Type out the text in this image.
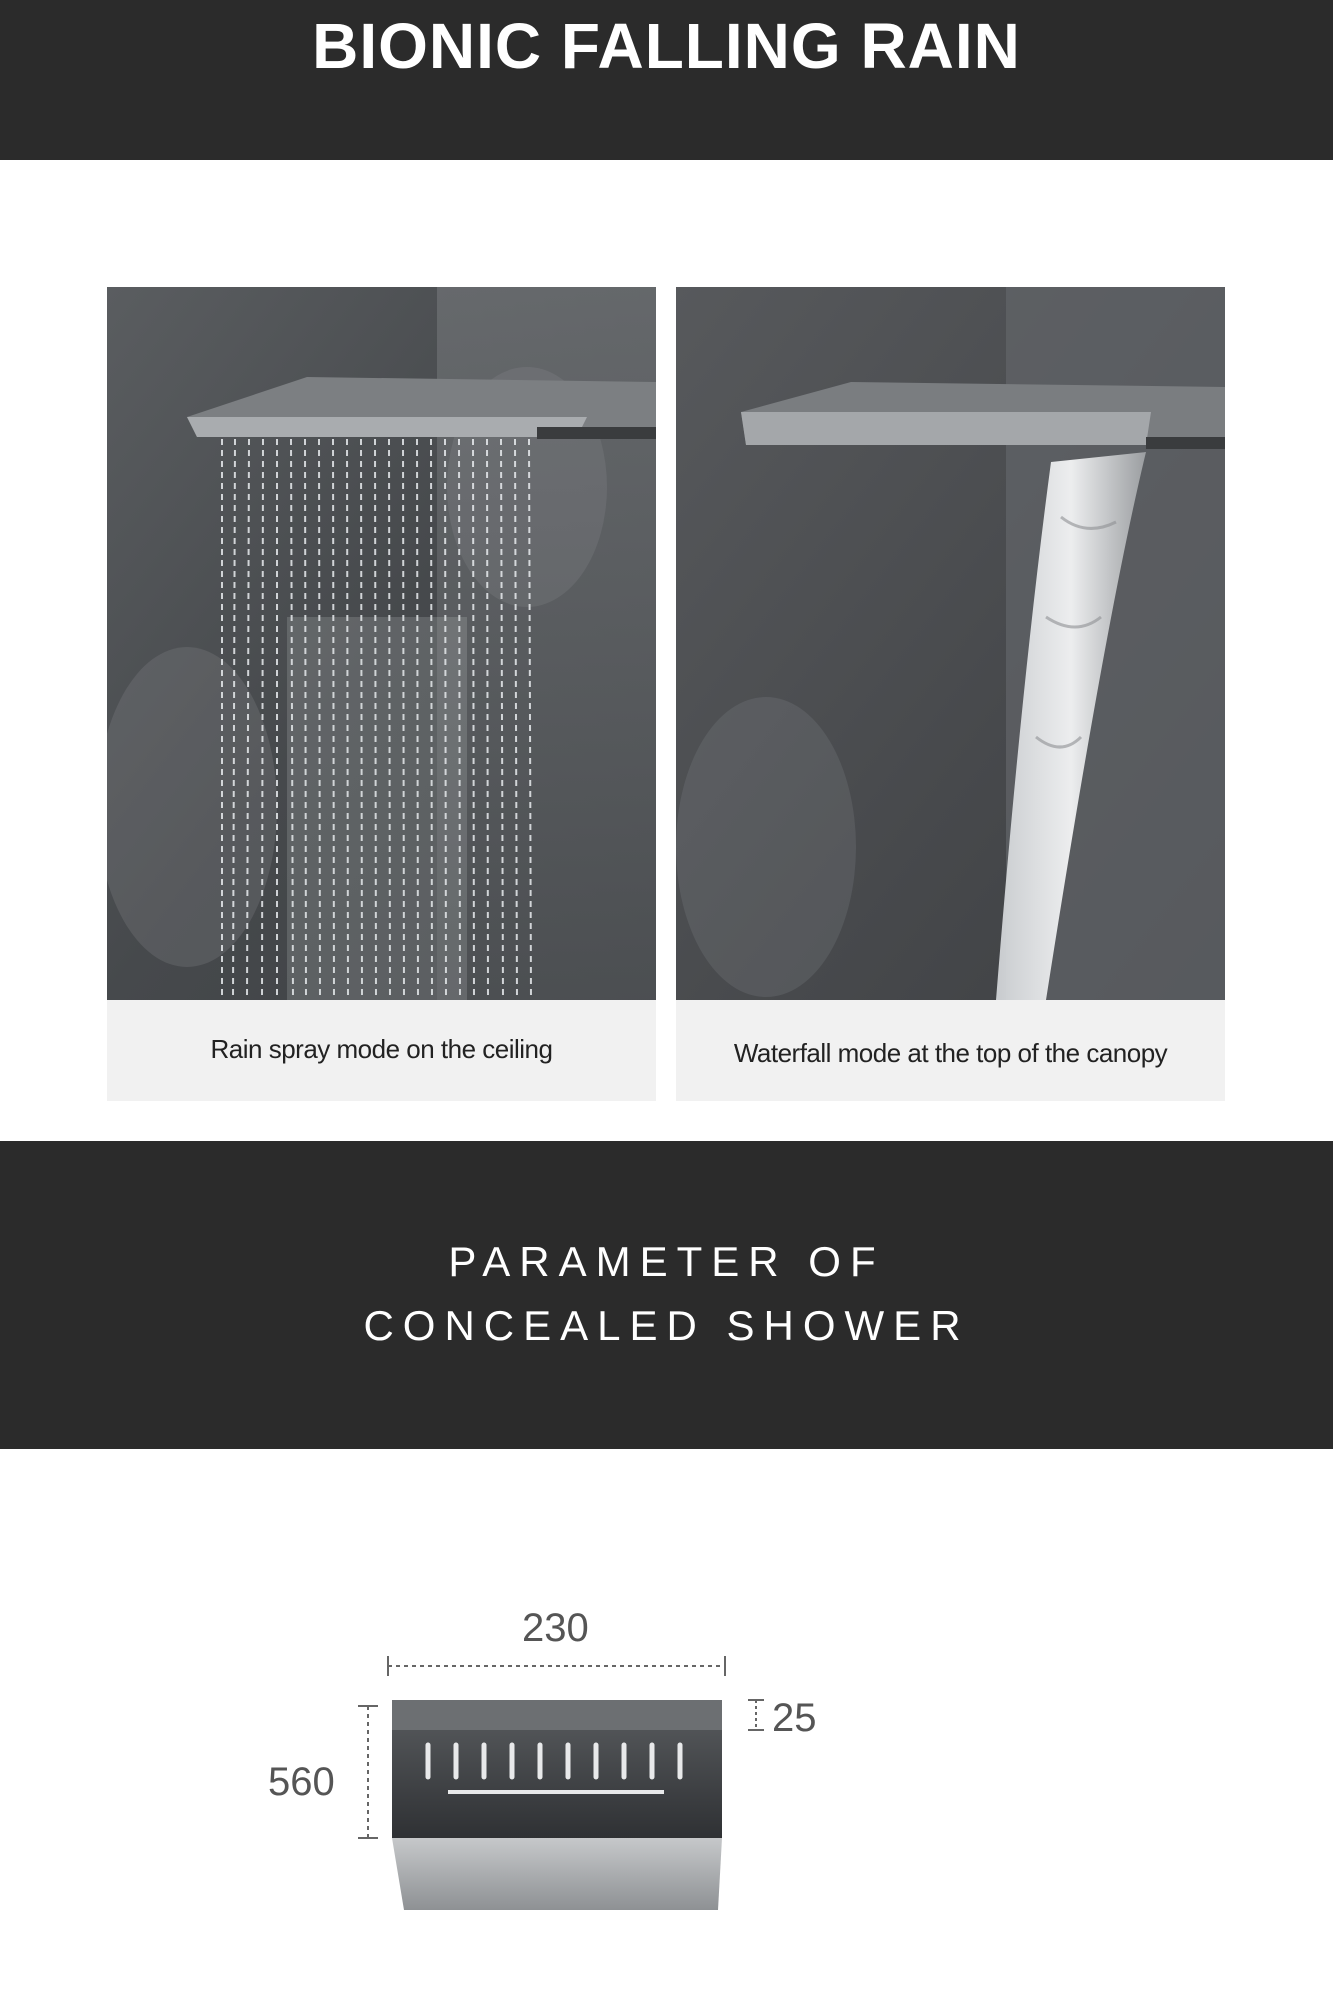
BIONIC FALLING RAIN
Rain spray mode on the ceiling	Waterfall mode at the top of the canopy
PARAMETER OF
CONCEALED SHOWER
230
560
25
